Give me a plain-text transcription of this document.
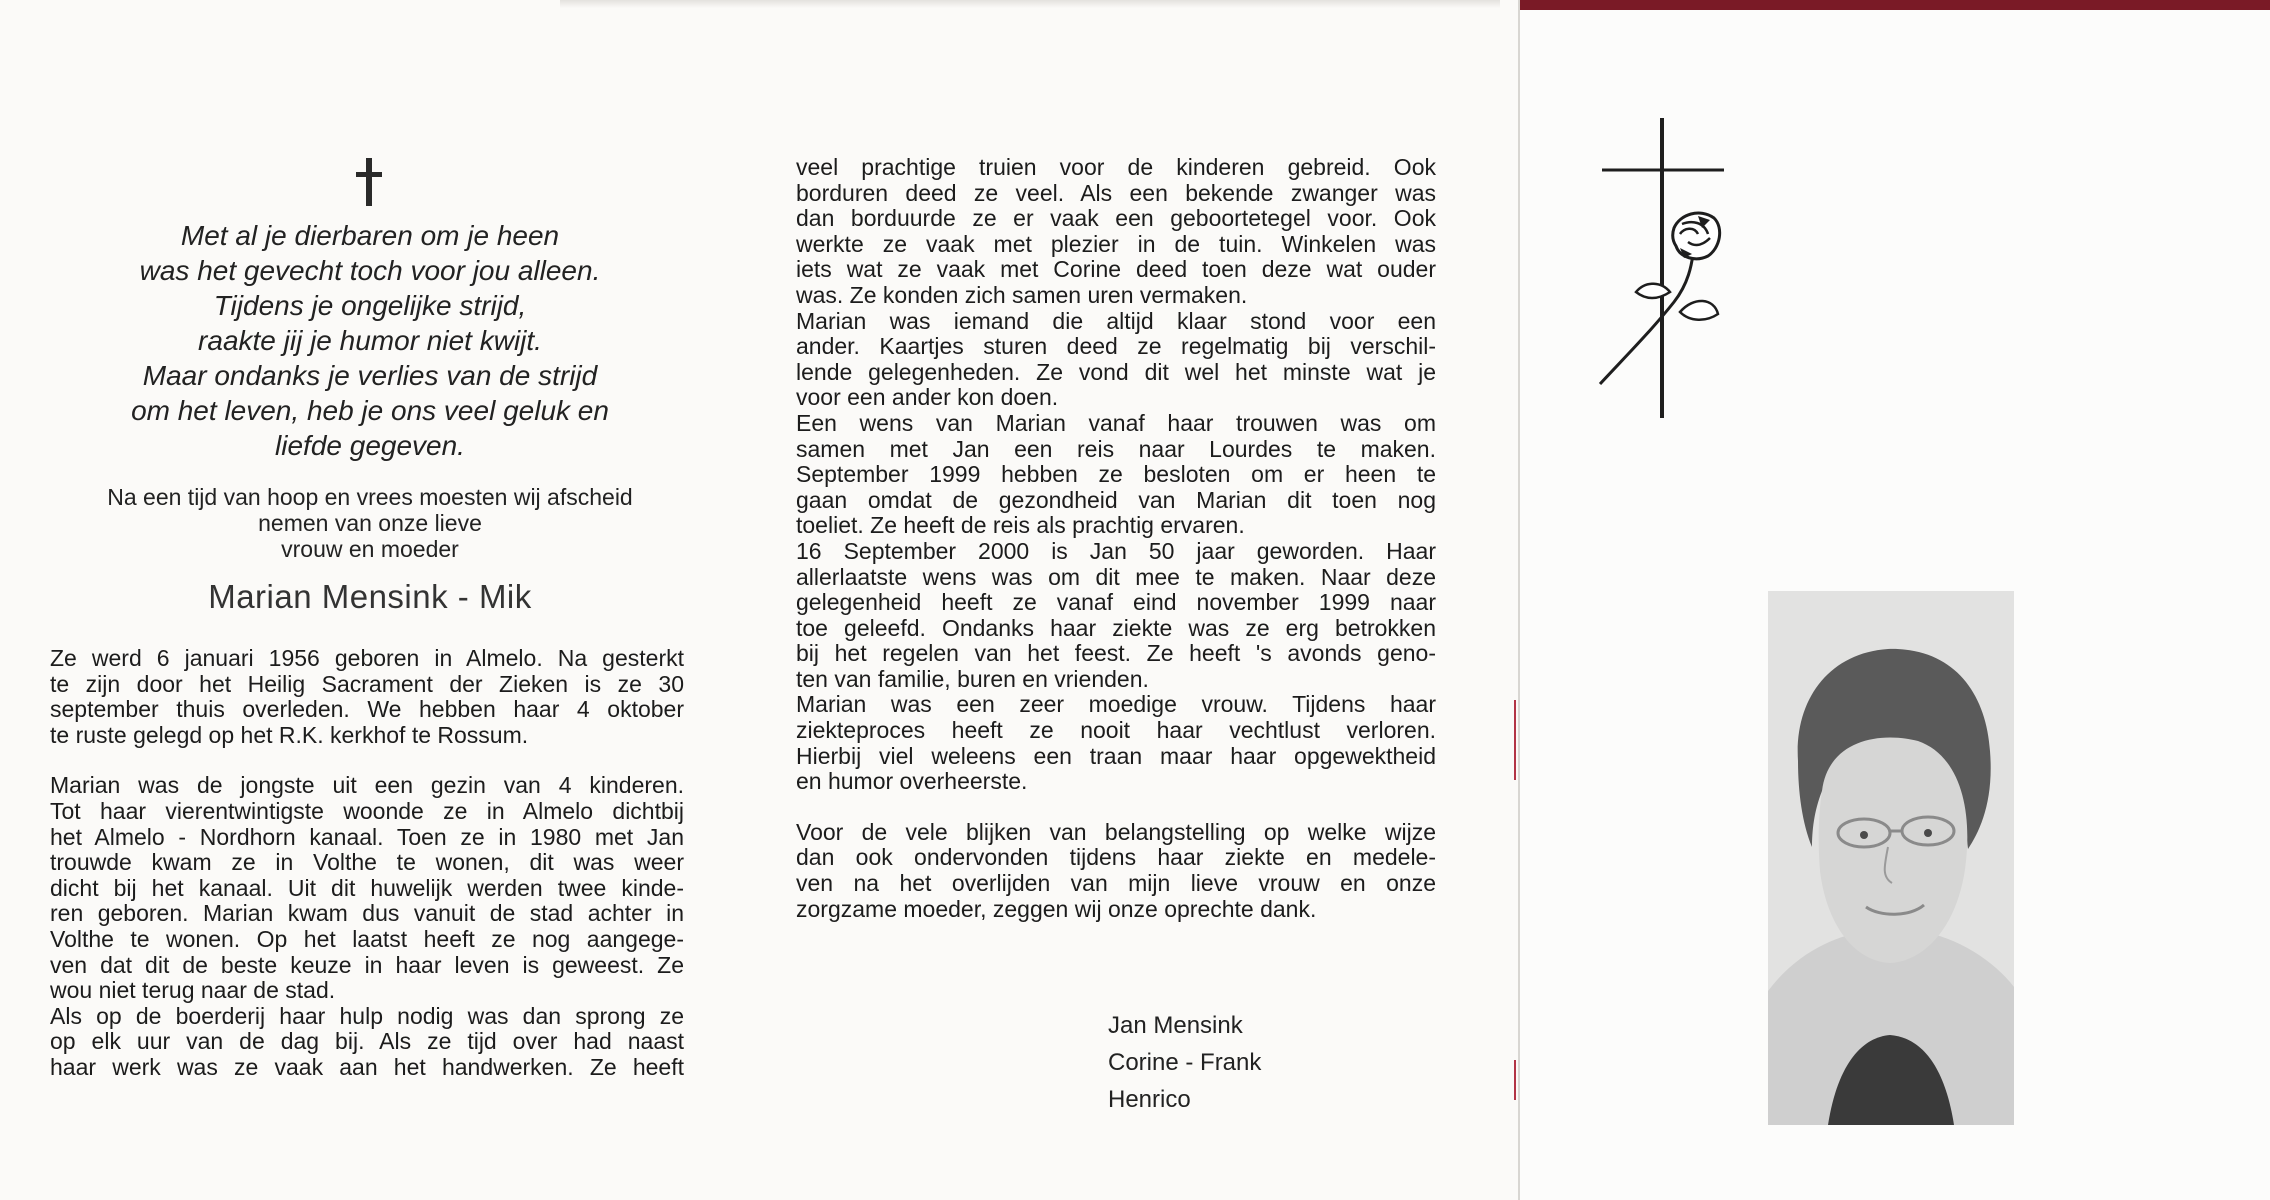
Met al je dierbaren om je heen
was het gevecht toch voor jou alleen.
Tijdens je ongelijke strijd,
raakte jij je humor niet kwijt.
Maar ondanks je verlies van de strijd
om het leven, heb je ons veel geluk en
liefde gegeven.
Na een tijd van hoop en vrees moesten wij afscheid
nemen van onze lieve
vrouw en moeder
Marian Mensink - Mik
Ze werd 6 januari 1956 geboren in Almelo. Na gesterkt
te zijn door het Heilig Sacrament der Zieken is ze 30
september thuis overleden. We hebben haar 4 oktober
te ruste gelegd op het R.K. kerkhof te Rossum.
Marian was de jongste uit een gezin van 4 kinderen.
Tot haar vierentwintigste woonde ze in Almelo dichtbij
het Almelo - Nordhorn kanaal. Toen ze in 1980 met Jan
trouwde kwam ze in Volthe te wonen, dit was weer
dicht bij het kanaal. Uit dit huwelijk werden twee kinde-
ren geboren. Marian kwam dus vanuit de stad achter in
Volthe te wonen. Op het laatst heeft ze nog aangege-
ven dat dit de beste keuze in haar leven is geweest. Ze
wou niet terug naar de stad.
Als op de boerderij haar hulp nodig was dan sprong ze
op elk uur van de dag bij. Als ze tijd over had naast
haar werk was ze vaak aan het handwerken. Ze heeft
veel prachtige truien voor de kinderen gebreid. Ook
borduren deed ze veel. Als een bekende zwanger was
dan borduurde ze er vaak een geboortetegel voor. Ook
werkte ze vaak met plezier in de tuin. Winkelen was
iets wat ze vaak met Corine deed toen deze wat ouder
was. Ze konden zich samen uren vermaken.
Marian was iemand die altijd klaar stond voor een
ander. Kaartjes sturen deed ze regelmatig bij verschil-
lende gelegenheden. Ze vond dit wel het minste wat je
voor een ander kon doen.
Een wens van Marian vanaf haar trouwen was om
samen met Jan een reis naar Lourdes te maken.
September 1999 hebben ze besloten om er heen te
gaan omdat de gezondheid van Marian dit toen nog
toeliet. Ze heeft de reis als prachtig ervaren.
16 September 2000 is Jan 50 jaar geworden. Haar
allerlaatste wens was om dit mee te maken. Naar deze
gelegenheid heeft ze vanaf eind november 1999 naar
toe geleefd. Ondanks haar ziekte was ze erg betrokken
bij het regelen van het feest. Ze heeft 's avonds geno-
ten van familie, buren en vrienden.
Marian was een zeer moedige vrouw. Tijdens haar
ziekteproces heeft ze nooit haar vechtlust verloren.
Hierbij viel weleens een traan maar haar opgewektheid
en humor overheerste.
Voor de vele blijken van belangstelling op welke wijze
dan ook ondervonden tijdens haar ziekte en medele-
ven na het overlijden van mijn lieve vrouw en onze
zorgzame moeder, zeggen wij onze oprechte dank.
Jan Mensink
Corine - Frank
Henrico
